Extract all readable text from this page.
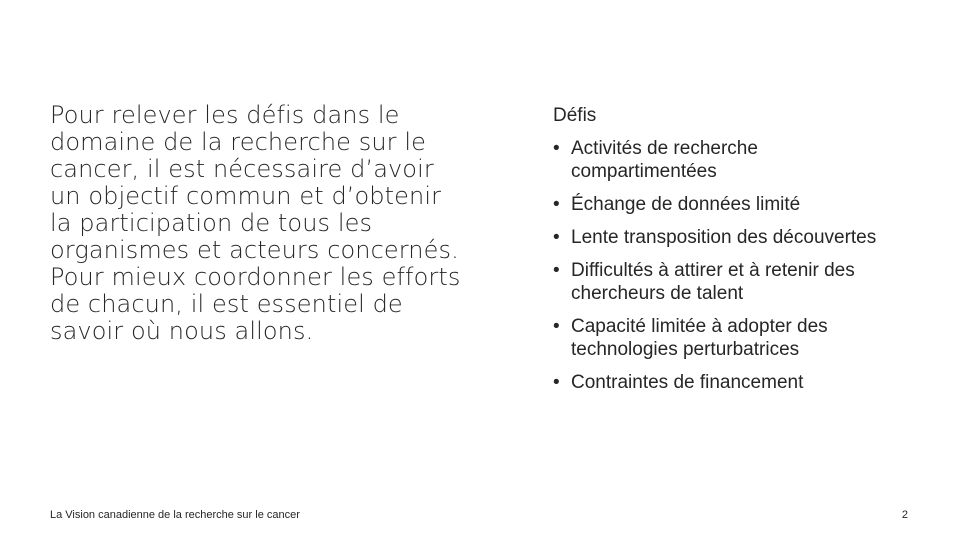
Pour relever les défis dans le domaine de la recherche sur le cancer, il est nécessaire d’avoir un objectif commun et d’obtenir la participation de tous les organismes et acteurs concernés. Pour mieux coordonner les efforts de chacun, il est essentiel de savoir où nous allons.

Défis
• Activités de recherche compartimentées
• Échange de données limité
• Lente transposition des découvertes
• Difficultés à attirer et à retenir des chercheurs de talent
• Capacité limitée à adopter des technologies perturbatrices
• Contraintes de financement
La Vision canadienne de la recherche sur le cancer	2
